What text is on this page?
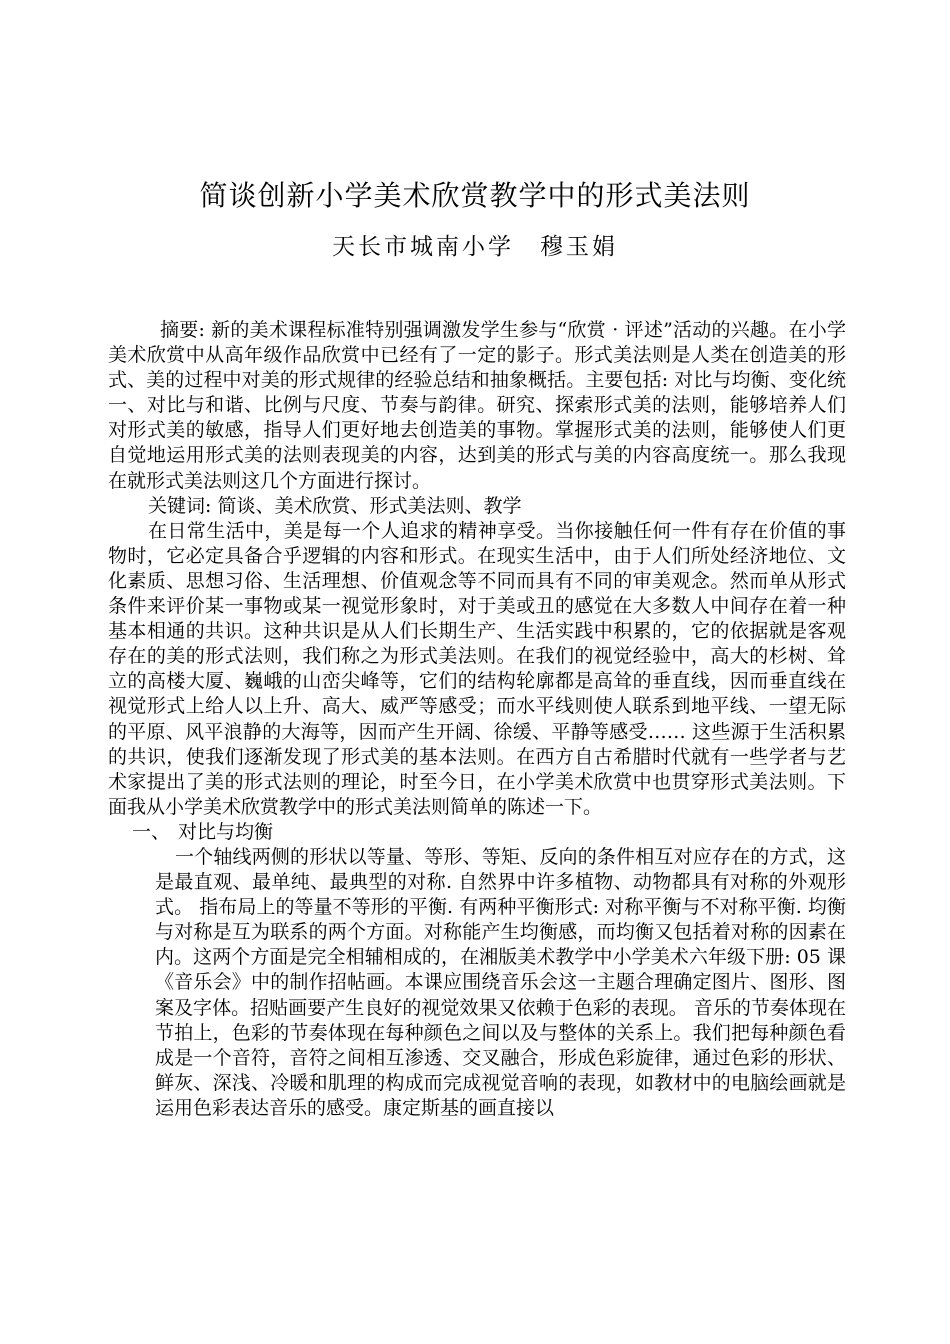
简谈创新小学美术欣赏教学中的形式美法则
天长市城南小学　穆玉娟

摘要: 新的美术课程标准特别强调激发学生参与“欣赏 · 评述”活动的兴趣。在小学美术欣赏中从高年级作品欣赏中已经有了一定的影子。形式美法则是人类在创造美的形式、美的过程中对美的形式规律的经验总结和抽象概括。主要包括: 对比与均衡、变化统一、对比与和谐、比例与尺度、节奏与韵律。研究、探索形式美的法则，能够培养人们对形式美的敏感，指导人们更好地去创造美的事物。掌握形式美的法则，能够使人们更自觉地运用形式美的法则表现美的内容，达到美的形式与美的内容高度统一。那么我现在就形式美法则这几个方面进行探讨。

关键词: 简谈、美术欣赏、形式美法则、教学

在日常生活中，美是每一个人追求的精神享受。当你接触任何一件有存在价值的事物时，它必定具备合乎逻辑的内容和形式。在现实生活中，由于人们所处经济地位、文化素质、思想习俗、生活理想、价值观念等不同而具有不同的审美观念。然而单从形式条件来评价某一事物或某一视觉形象时，对于美或丑的感觉在大多数人中间存在着一种基本相通的共识。这种共识是从人们长期生产、生活实践中积累的，它的依据就是客观存在的美的形式法则，我们称之为形式美法则。在我们的视觉经验中，高大的杉树、耸立的高楼大厦、巍峨的山峦尖峰等，它们的结构轮廓都是高耸的垂直线，因而垂直线在视觉形式上给人以上升、高大、威严等感受；而水平线则使人联系到地平线、一望无际的平原、风平浪静的大海等，因而产生开阔、徐缓、平静等感受…… 这些源于生活积累的共识，使我们逐渐发现了形式美的基本法则。在西方自古希腊时代就有一些学者与艺术家提出了美的形式法则的理论，时至今日，在小学美术欣赏中也贯穿形式美法则。下面我从小学美术欣赏教学中的形式美法则简单的陈述一下。

一、 对比与均衡

一个轴线两侧的形状以等量、等形、等矩、反向的条件相互对应存在的方式，这是最直观、最单纯、最典型的对称. 自然界中许多植物、动物都具有对称的外观形式。 指布局上的等量不等形的平衡. 有两种平衡形式: 对称平衡与不对称平衡. 均衡与对称是互为联系的两个方面。对称能产生均衡感，而均衡又包括着对称的因素在内。这两个方面是完全相辅相成的，在湘版美术教学中小学美术六年级下册: 05 课 《音乐会》中的制作招帖画。本课应围绕音乐会这一主题合理确定图片、图形、图案及字体。招贴画要产生良好的视觉效果又依赖于色彩的表现。 音乐的节奏体现在节拍上，色彩的节奏体现在每种颜色之间以及与整体的关系上。我们把每种颜色看成是一个音符，音符之间相互渗透、交叉融合，形成色彩旋律，通过色彩的形状、鲜灰、深浅、冷暖和肌理的构成而完成视觉音响的表现，如教材中的电脑绘画就是运用色彩表达音乐的感受。康定斯基的画直接以
